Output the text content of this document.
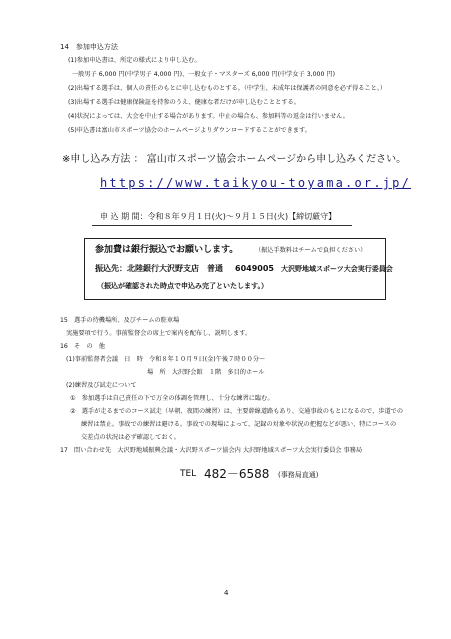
14　参加申込方法
(1)参加申込書は、所定の様式により申し込む。
一般男子 6,000 円(中学男子 4,000 円)、一般女子・マスターズ 6,000 円(中学女子 3,000 円)
(2)出場する選手は、個人の責任のもとに申し込むものとする。（中学生、未成年は保護者の同意を必ず得ること。）
(3)出場する選手は健康保険証を持参のうえ、健康な者だけが申し込むこととする。
(4)状況によっては、大会を中止する場合があります。中止の場合も、参加料等の返金は行いません。
(5)申込書は富山市スポーツ協会のホームページよりダウンロードすることができます。
※申し込み方法 ： 富山市スポーツ協会ホームページから申し込みください。
https://www.taikyou-toyama.or.jp/
申 込 期 間：令和８年９月１日(火)〜９月１５日(火)【締切厳守】
参加費は銀行振込でお願いします。	（振込手数料はチームで負担ください）
振込先：北陸銀行大沢野支店　普通 6049005 大沢野地域スポーツ大会実行委員会
（振込が確認された時点で申込み完了といたします。）
15　選手の待機場所、及びチームの駐車場
実施要項で行う。事前監督会の席上で案内を配布し、説明します。
16　そ　の　他
(1)事前監督者会議　日　時　令和８年１０月９日(金)午後７時００分〜
場　所　大沢野会館　１階　多目的ホール
(2)練習及び試走について
①　参加選手は自己責任の下で万全の体調を管理し、十分な練習に臨む。
②　選手が走るまでのコース試走（早朝、夜間の練習）は、主要幹線道路もあり、交通事故のもとになるので、歩道での
練習は禁止。事故での練習は避ける。事故での現場によって、記録の対象や状況の把握などが悪い、特にコースの
交差点の状況は必ず確認しておく。
17　問い合わせ先　大沢野地域振興会議・大沢野スポーツ協会内 大沢野地域スポーツ大会実行委員会 事務局
TEL 482－6588 (事務局直通)
4
